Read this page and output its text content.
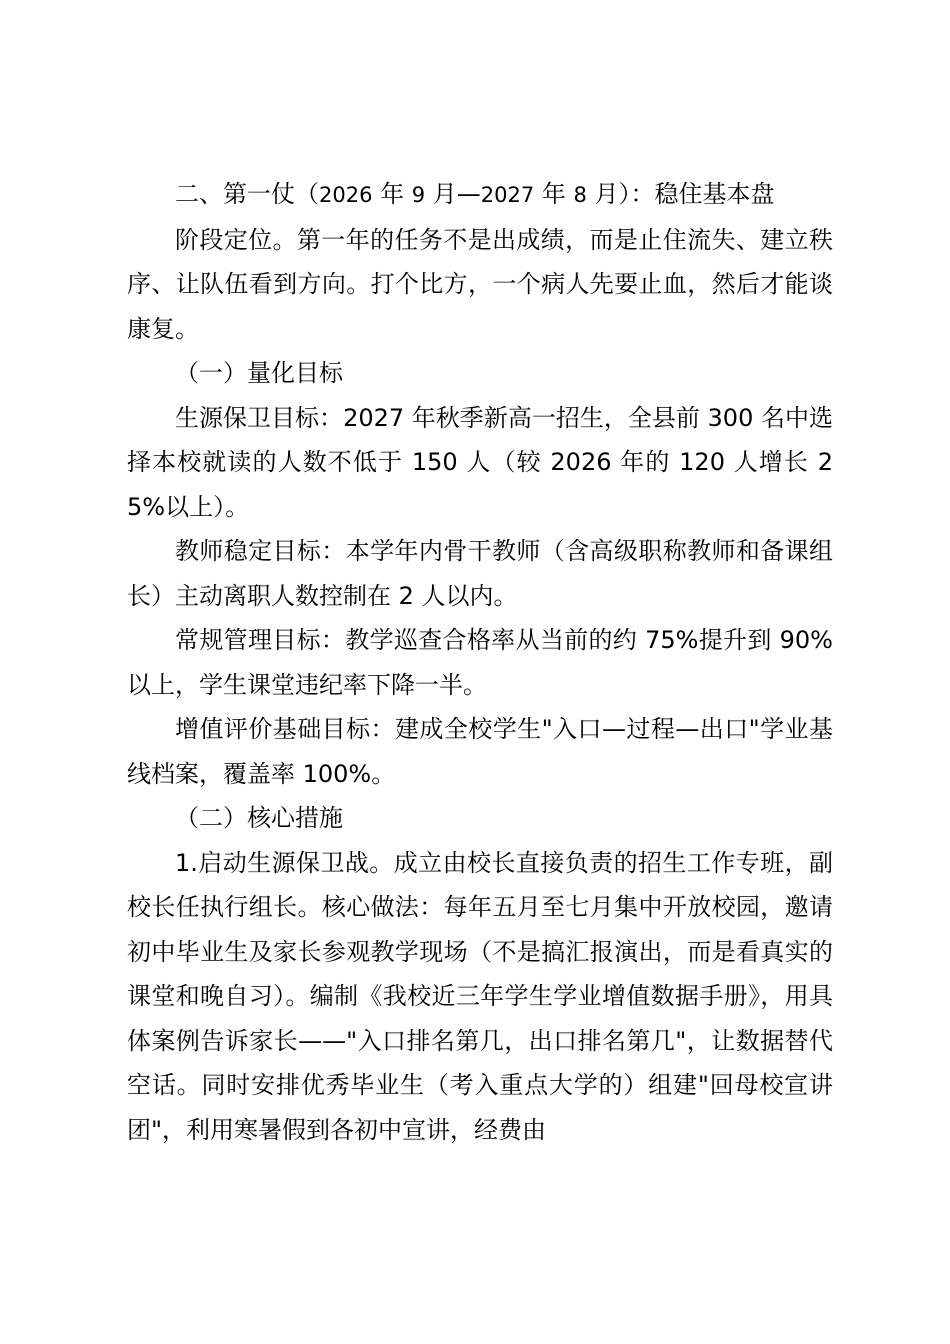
二、第一仗（2026 年 9 月—2027 年 8 月）：稳住基本盘

阶段定位。第一年的任务不是出成绩，而是止住流失、建立秩序、让队伍看到方向。打个比方，一个病人先要止血，然后才能谈康复。

（一）量化目标

生源保卫目标：2027 年秋季新高一招生，全县前 300 名中选择本校就读的人数不低于 150 人（较 2026 年的 120 人增长 25%以上）。

教师稳定目标：本学年内骨干教师（含高级职称教师和备课组长）主动离职人数控制在 2 人以内。

常规管理目标：教学巡查合格率从当前的约 75%提升到 90%以上，学生课堂违纪率下降一半。

增值评价基础目标：建成全校学生"入口—过程—出口"学业基线档案，覆盖率 100%。

（二）核心措施

1.启动生源保卫战。成立由校长直接负责的招生工作专班，副校长任执行组长。核心做法：每年五月至七月集中开放校园，邀请初中毕业生及家长参观教学现场（不是搞汇报演出，而是看真实的课堂和晚自习）。编制《我校近三年学生学业增值数据手册》，用具体案例告诉家长——"入口排名第几，出口排名第几"，让数据替代空话。同时安排优秀毕业生（考入重点大学的）组建"回母校宣讲团"，利用寒暑假到各初中宣讲，经费由
